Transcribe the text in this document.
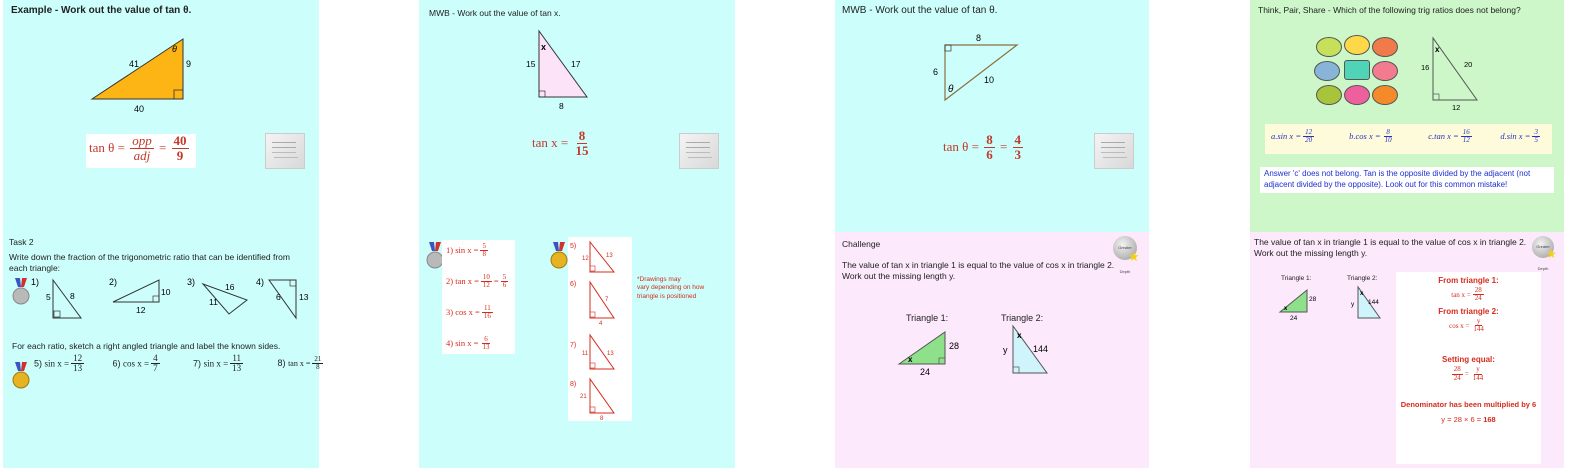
Example - Work out the value of tan θ.
41
40
9
θ
$\tan \theta = \frac{\text{opp}}{\text{adj}} = \frac{40}{9}$
Task 2
Write down the fraction of the trigonometric ratio that can be identified from each triangle:
1)
5 8
2)
10
12
3)	16
11
4)
6 13
For each ratio, sketch a right angled triangle and label the known sides.
5) $\sin x = \frac{12}{13}$	6) $\cos x = \frac{4}{7}$	7) $\sin x = \frac{11}{13}$	8) $\tan x = \frac{21}{8}$
MWB - Work out the value of tan x.
x
15	17
8
$\tan x = \frac{8}{15}$
1) $\sin x = \frac{5}{8}$
2) $\tan x = \frac{10}{12} = \frac{5}{6}$
3) $\cos x = \frac{11}{16}$
4) $\sin x = \frac{6}{13}$
5)
12	13
6)
7
4
7)
11	13
8)
21
8
*Drawings may
vary depending on how
triangle is positioned
MWB - Work out the value of tan θ.
8
6
10
θ
$\tan \theta = \frac{8}{6} = \frac{4}{3}$
Challenge	Greater Depth
★
The value of tan x in triangle 1 is equal to the value of cos x in triangle 2.
Work out the missing length y.
Triangle 1:	Triangle 2:
28
24
x
x
y	144
Think, Pair, Share - Which of the following trig ratios does not belong?
x
16	20
12
a.sin $x = \frac{12}{20}$	b.cos $x = \frac{8}{10}$	c.tan $x = \frac{16}{12}$	d.sin $x = \frac{3}{5}$
Answer 'c' does not belong. Tan is the opposite divided by the adjacent (not
adjacent divided by the opposite). Look out for this common mistake!
The value of tan x in triangle 1 is equal to the value of cos x in triangle 2.
Work out the missing length y.
Greater Depth
★
Triangle 1:	Triangle 2:
28
24
x
x
y 144
From triangle 1:
$\tan x = \frac{28}{24}$
From triangle 2:
$\cos x = \frac{y}{144}$
Setting equal:
$\frac{28}{24} = \frac{y}{144}$
Denominator has been multiplied by 6
y = 28 × 6 = 168
